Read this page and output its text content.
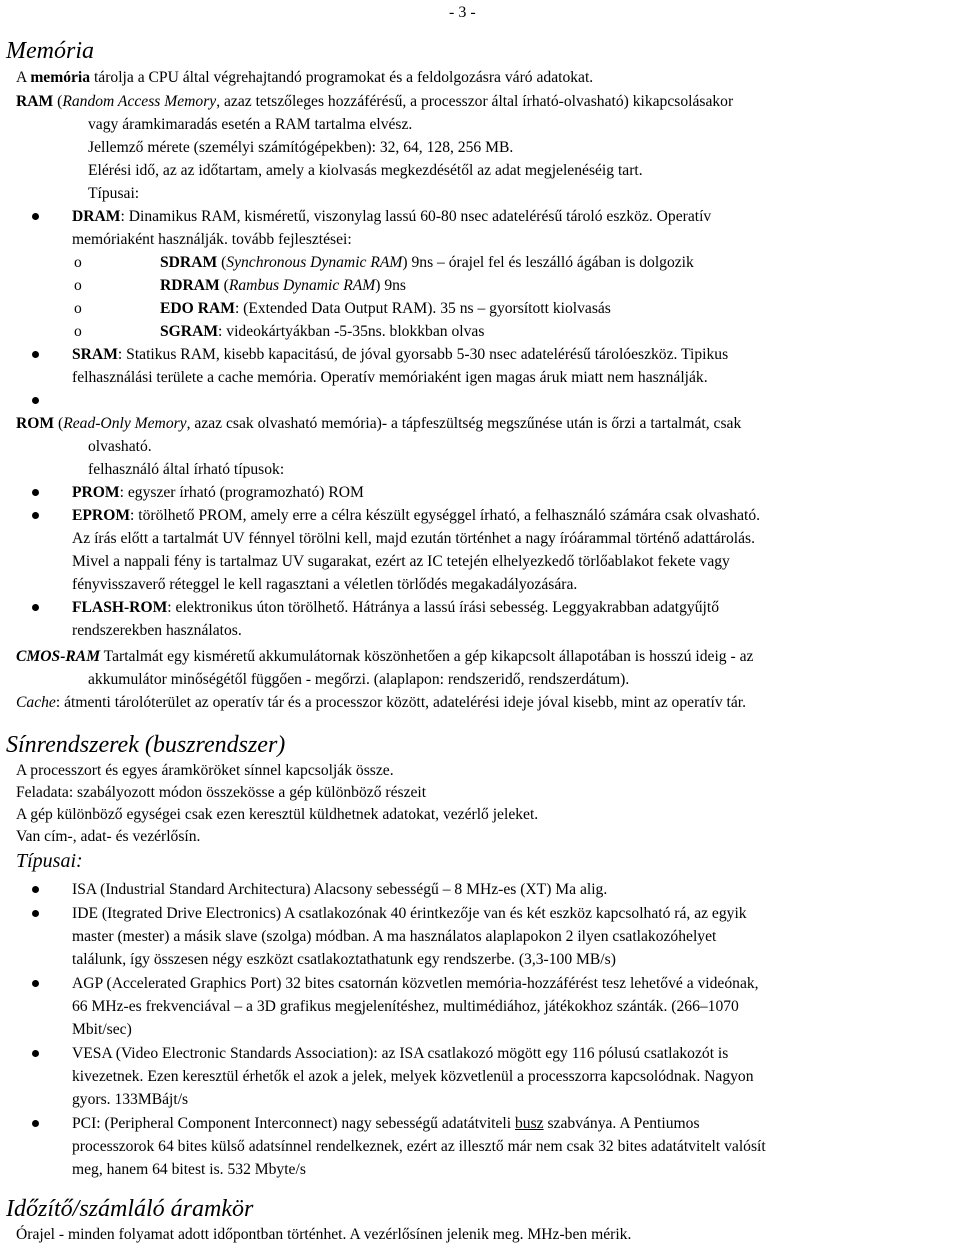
- 3 -
Memória
A memória tárolja a CPU által végrehajtandó programokat és a feldolgozásra váró adatokat.
RAM (Random Access Memory, azaz tetszőleges hozzáférésű, a processzor által írható-olvasható) kikapcsolásakor
vagy áramkimaradás esetén a RAM tartalma elvész.
Jellemző mérete (személyi számítógépekben): 32, 64, 128, 256 MB.
Elérési idő, az az időtartam, amely a kiolvasás megkezdésétől az adat megjelenéséig tart.
Típusai:
DRAM: Dinamikus RAM, kisméretű, viszonylag lassú 60-80 nsec adatelérésű tároló eszköz. Operatív
memóriaként használják. tovább fejlesztései:
o	SDRAM (Synchronous Dynamic RAM) 9ns – órajel fel és leszálló ágában is dolgozik
o	RDRAM (Rambus Dynamic RAM) 9ns
o	EDO RAM: (Extended Data Output RAM). 35 ns – gyorsított kiolvasás
o	SGRAM: videokártyákban -5-35ns. blokkban olvas
SRAM: Statikus RAM, kisebb kapacitású, de jóval gyorsabb 5-30 nsec adatelérésű tárolóeszköz. Tipikus
felhasználási területe a cache memória. Operatív memóriaként igen magas áruk miatt nem használják.
ROM (Read-Only Memory, azaz csak olvasható memória)- a tápfeszültség megszűnése után is őrzi a tartalmát, csak
olvasható.
felhasználó által írható típusok:
PROM: egyszer írható (programozható) ROM
EPROM: törölhető PROM, amely erre a célra készült egységgel írható, a felhasználó számára csak olvasható.
Az írás előtt a tartalmát UV fénnyel törölni kell, majd ezután történhet a nagy íróárammal történő adattárolás.
Mivel a nappali fény is tartalmaz UV sugarakat, ezért az IC tetején elhelyezkedő törlőablakot fekete vagy
fényvisszaverő réteggel le kell ragasztani a véletlen törlődés megakadályozására.
FLASH-ROM: elektronikus úton törölhető. Hátránya a lassú írási sebesség. Leggyakrabban adatgyűjtő
rendszerekben használatos.
CMOS-RAM Tartalmát egy kisméretű akkumulátornak köszönhetően a gép kikapcsolt állapotában is hosszú ideig - az
akkumulátor minőségétől függően - megőrzi. (alaplapon: rendszeridő, rendszerdátum).
Cache: átmenti tárolóterület az operatív tár és a processzor között, adatelérési ideje jóval kisebb, mint az operatív tár.
Sínrendszerek (buszrendszer)
A processzort és egyes áramköröket sínnel kapcsolják össze.
Feladata: szabályozott módon összekösse a gép különböző részeit
A gép különböző egységei csak ezen keresztül küldhetnek adatokat, vezérlő jeleket.
Van cím-, adat- és vezérlősín.
Típusai:
ISA (Industrial Standard Architectura) Alacsony sebességű – 8 MHz-es (XT) Ma alig.
IDE (Itegrated Drive Electronics) A csatlakozónak 40 érintkezője van és két eszköz kapcsolható rá, az egyik
master (mester) a másik slave (szolga) módban. A ma használatos alaplapokon 2 ilyen csatlakozóhelyet
találunk, így összesen négy eszközt csatlakoztathatunk egy rendszerbe. (3,3-100 MB/s)
AGP (Accelerated Graphics Port) 32 bites csatornán közvetlen memória-hozzáférést tesz lehetővé a videónak,
66 MHz-es frekvenciával – a 3D grafikus megjelenítéshez, multimédiához, játékokhoz szánták. (266–1070
Mbit/sec)
VESA (Video Electronic Standards Association): az ISA csatlakozó mögött egy 116 pólusú csatlakozót is
kivezetnek. Ezen keresztül érhetők el azok a jelek, melyek közvetlenül a processzorra kapcsolódnak. Nagyon
gyors. 133MBájt/s
PCI: (Peripheral Component Interconnect) nagy sebességű adatátviteli busz szabványa. A Pentiumos
processzorok 64 bites külső adatsínnel rendelkeznek, ezért az illesztő már nem csak 32 bites adatátvitelt valósít
meg, hanem 64 bitest is. 532 Mbyte/s
Időzítő/számláló áramkör
Órajel - minden folyamat adott időpontban történhet. A vezérlősínen jelenik meg. MHz-ben mérik.
